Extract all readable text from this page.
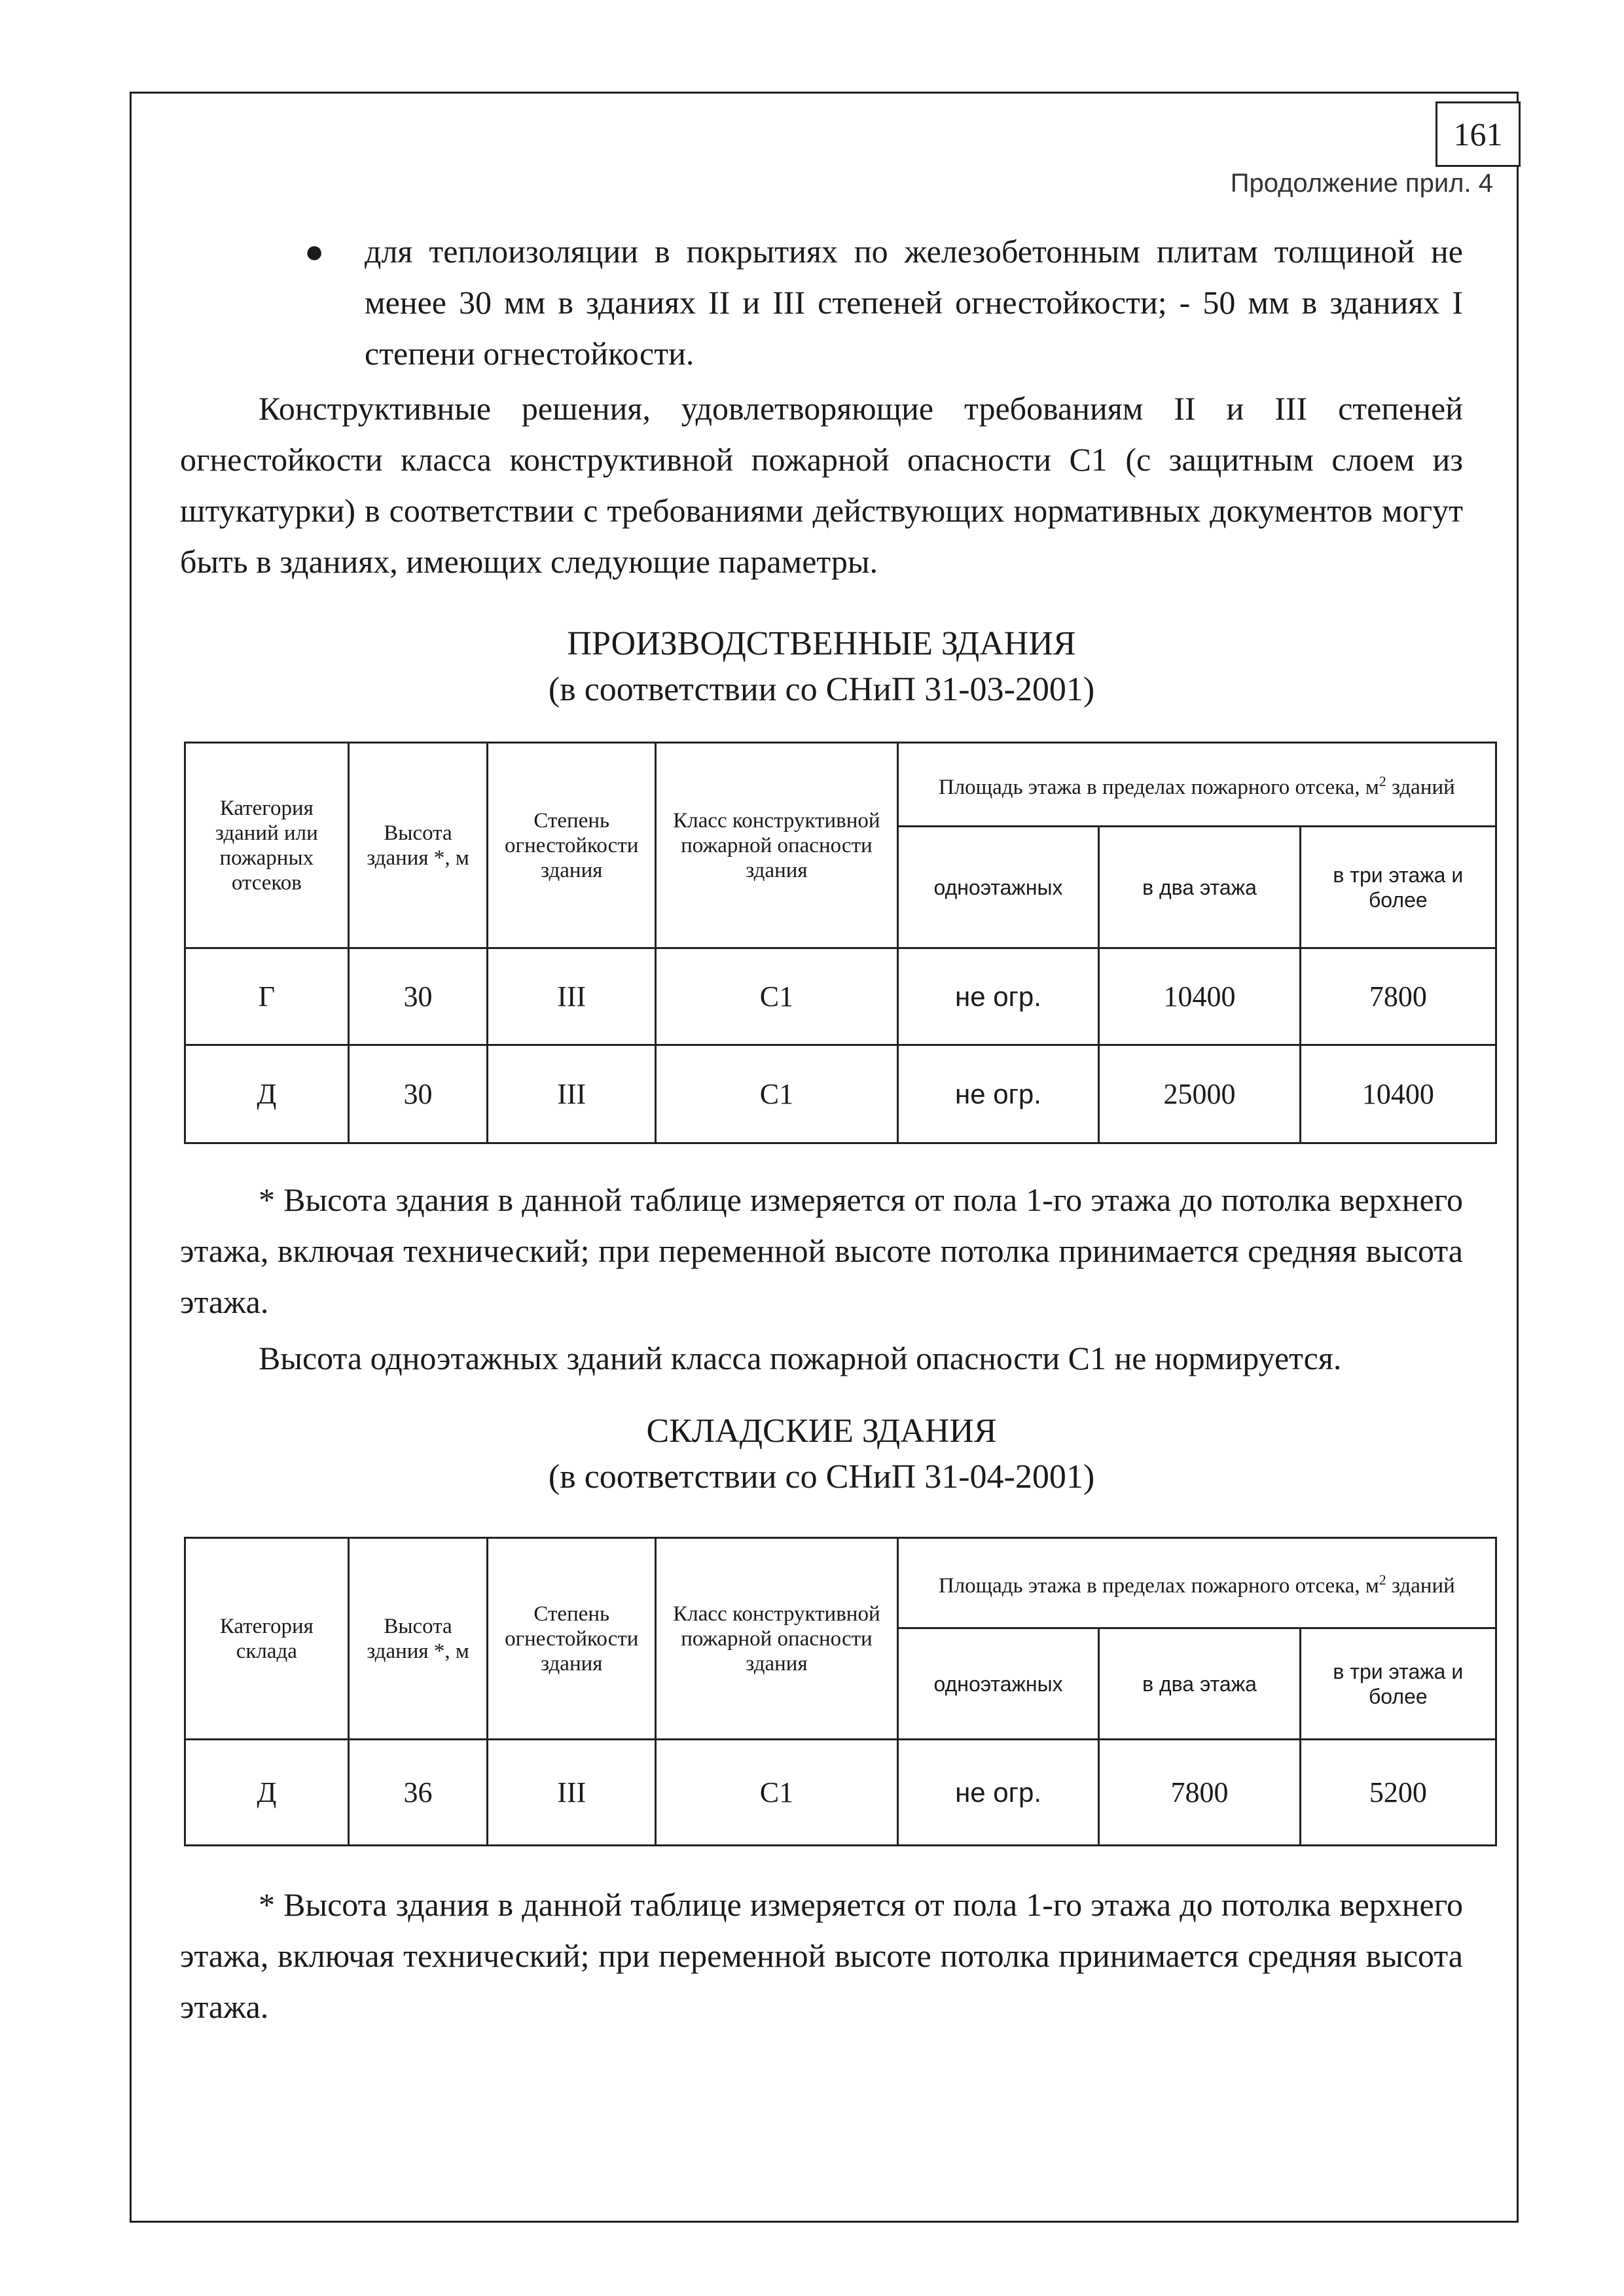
161
Продолжение прил. 4
●	для теплоизоляции в покрытиях по железобетонным плитам толщиной не менее 30 мм в зданиях II и III степеней огнестойкости; - 50 мм в зданиях I степени огнестойкости.

Конструктивные решения, удовлетворяющие требованиям II и III степеней огнестойкости класса конструктивной пожарной опасности С1 (с защитным слоем из штукатурки) в соответствии с требованиями действующих нормативных документов могут быть в зданиях, имеющих следующие параметры.

ПРОИЗВОДСТВЕННЫЕ ЗДАНИЯ

(в соответствии со СНиП 31-03-2001)

Категория зданий или пожарных отсеков	Высота здания *, м	Степень огнестойкости здания	Класс конструктивной пожарной опасности здания	Площадь этажа в пределах пожарного отсека, $м^2$ зданий		
				одноэтажных	в два этажа	в три этажа и более
Г	30	III	С1	не огр.	10400	7800
Д	30	III	С1	не огр.	25000	10400

* Высота здания в данной таблице измеряется от пола 1-го этажа до потолка верхнего этажа, включая технический; при переменной высоте потолка принимается средняя высота этажа.

Высота одноэтажных зданий класса пожарной опасности С1 не нормируется.

СКЛАДСКИЕ ЗДАНИЯ

(в соответствии со СНиП 31-04-2001)

Категория склада	Высота здания *, м	Степень огнестойкости здания	Класс конструктивной пожарной опасности здания	Площадь этажа в пределах пожарного отсека, $м^2$ зданий		
				одноэтажных	в два этажа	в три этажа и более
Д	36	III	С1	не огр.	7800	5200

* Высота здания в данной таблице измеряется от пола 1-го этажа до потолка верхнего этажа, включая технический; при переменной высоте потолка принимается средняя высота этажа.
